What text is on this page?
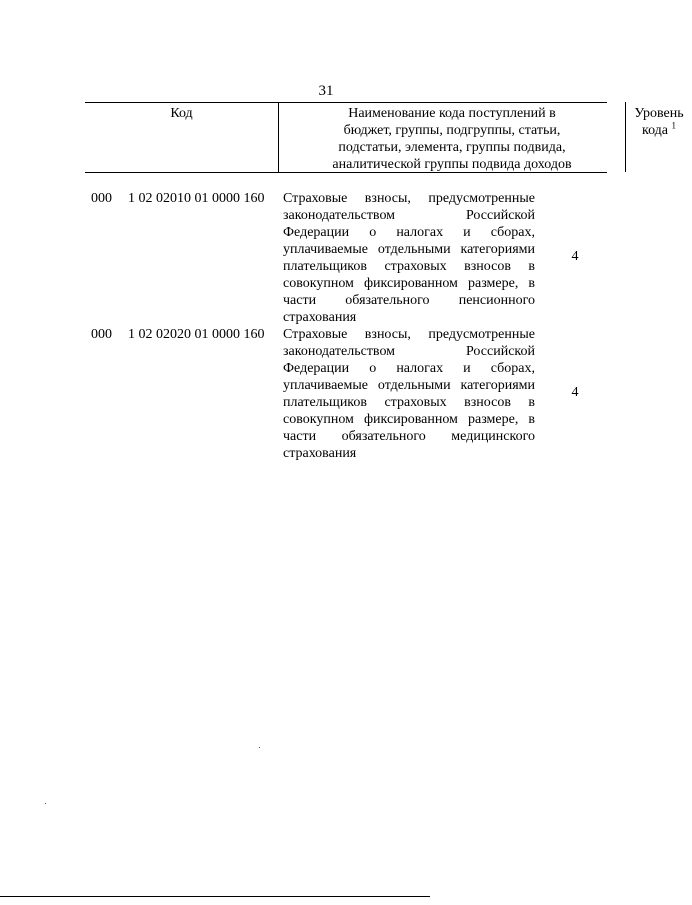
31
Код	Наименование кода поступлений в
бюджет, группы, подгруппы, статьи,
подстатьи, элемента, группы подвида,
аналитической группы подвида доходов
Уровень
кода $^1$
000 1 02 02010 01 0000 160 Страховые взносы, предусмотренные
законодательством Российской
Федерации о налогах и сборах,
уплачиваемые отдельными категориями
плательщиков страховых взносов в
совокупном фиксированном размере, в
части обязательного пенсионного
страхования
4
000 1 02 02020 01 0000 160 Страховые взносы, предусмотренные
законодательством Российской
Федерации о налогах и сборах,
уплачиваемые отдельными категориями
плательщиков страховых взносов в
совокупном фиксированном размере, в
части обязательного медицинского
страхования
4
